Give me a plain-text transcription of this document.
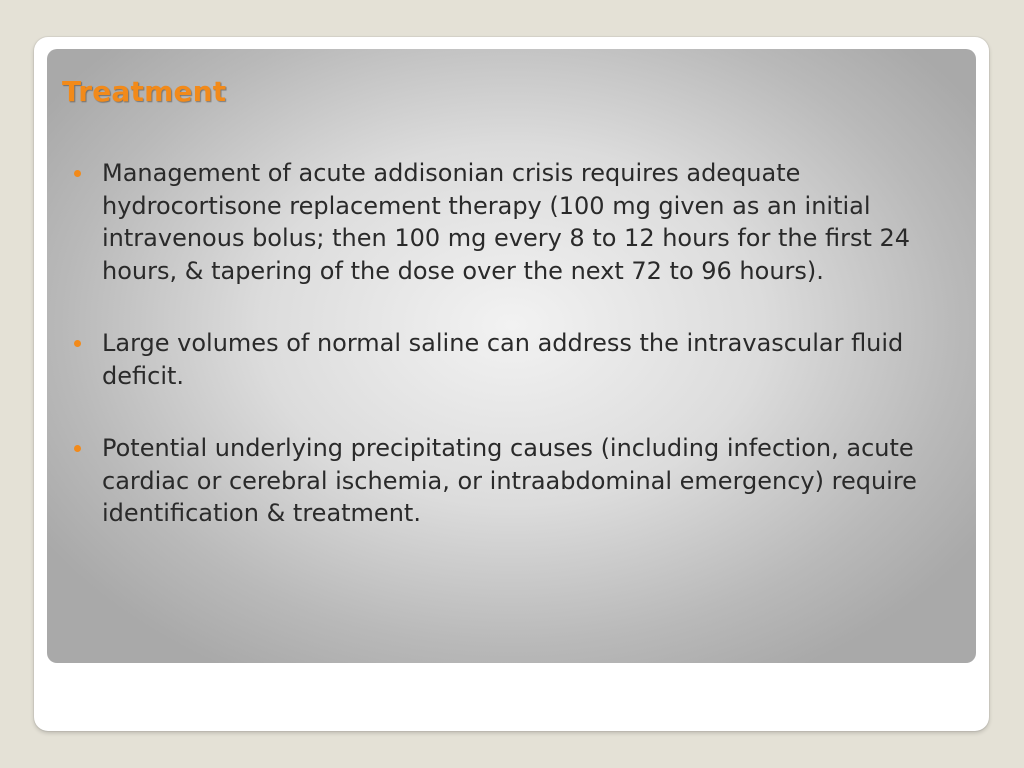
Treatment
Management of acute addisonian crisis requires adequate hydrocortisone replacement therapy (100 mg given as an initial intravenous bolus; then 100 mg every 8 to 12 hours for the first 24 hours, & tapering of the dose over the next 72 to 96 hours).
Large volumes of normal saline can address the intravascular fluid deficit.
Potential underlying precipitating causes (including infection, acute cardiac or cerebral ischemia, or intraabdominal emergency) require identification & treatment.
